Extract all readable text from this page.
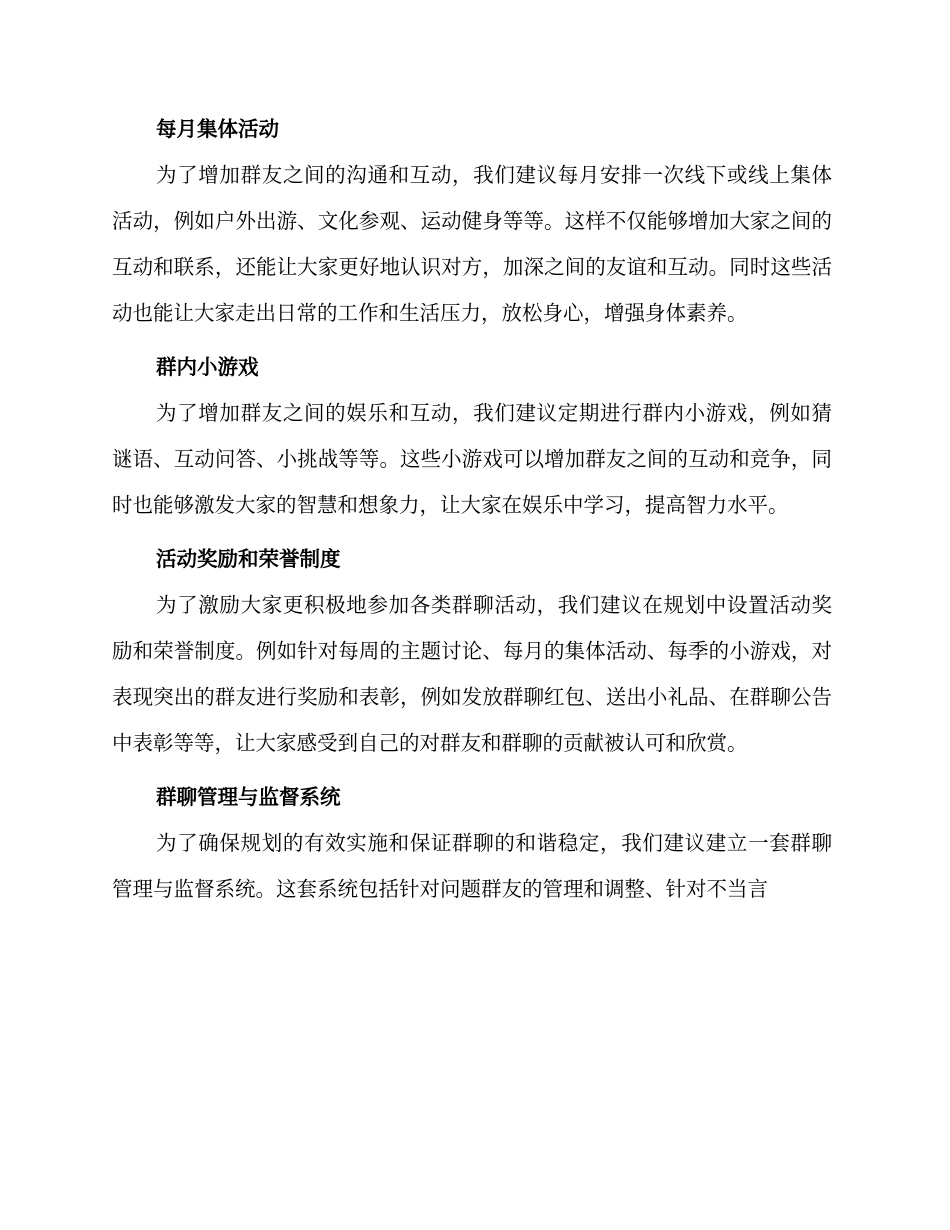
每月集体活动

为了增加群友之间的沟通和互动，我们建议每月安排一次线下或线上集体活动，例如户外出游、文化参观、运动健身等等。这样不仅能够增加大家之间的互动和联系，还能让大家更好地认识对方，加深之间的友谊和互动。同时这些活动也能让大家走出日常的工作和生活压力，放松身心，增强身体素养。

群内小游戏

为了增加群友之间的娱乐和互动，我们建议定期进行群内小游戏，例如猜谜语、互动问答、小挑战等等。这些小游戏可以增加群友之间的互动和竞争，同时也能够激发大家的智慧和想象力，让大家在娱乐中学习，提高智力水平。

活动奖励和荣誉制度

为了激励大家更积极地参加各类群聊活动，我们建议在规划中设置活动奖励和荣誉制度。例如针对每周的主题讨论、每月的集体活动、每季的小游戏，对表现突出的群友进行奖励和表彰，例如发放群聊红包、送出小礼品、在群聊公告中表彰等等，让大家感受到自己的对群友和群聊的贡献被认可和欣赏。

群聊管理与监督系统

为了确保规划的有效实施和保证群聊的和谐稳定，我们建议建立一套群聊管理与监督系统。这套系统包括针对问题群友的管理和调整、针对不当言
